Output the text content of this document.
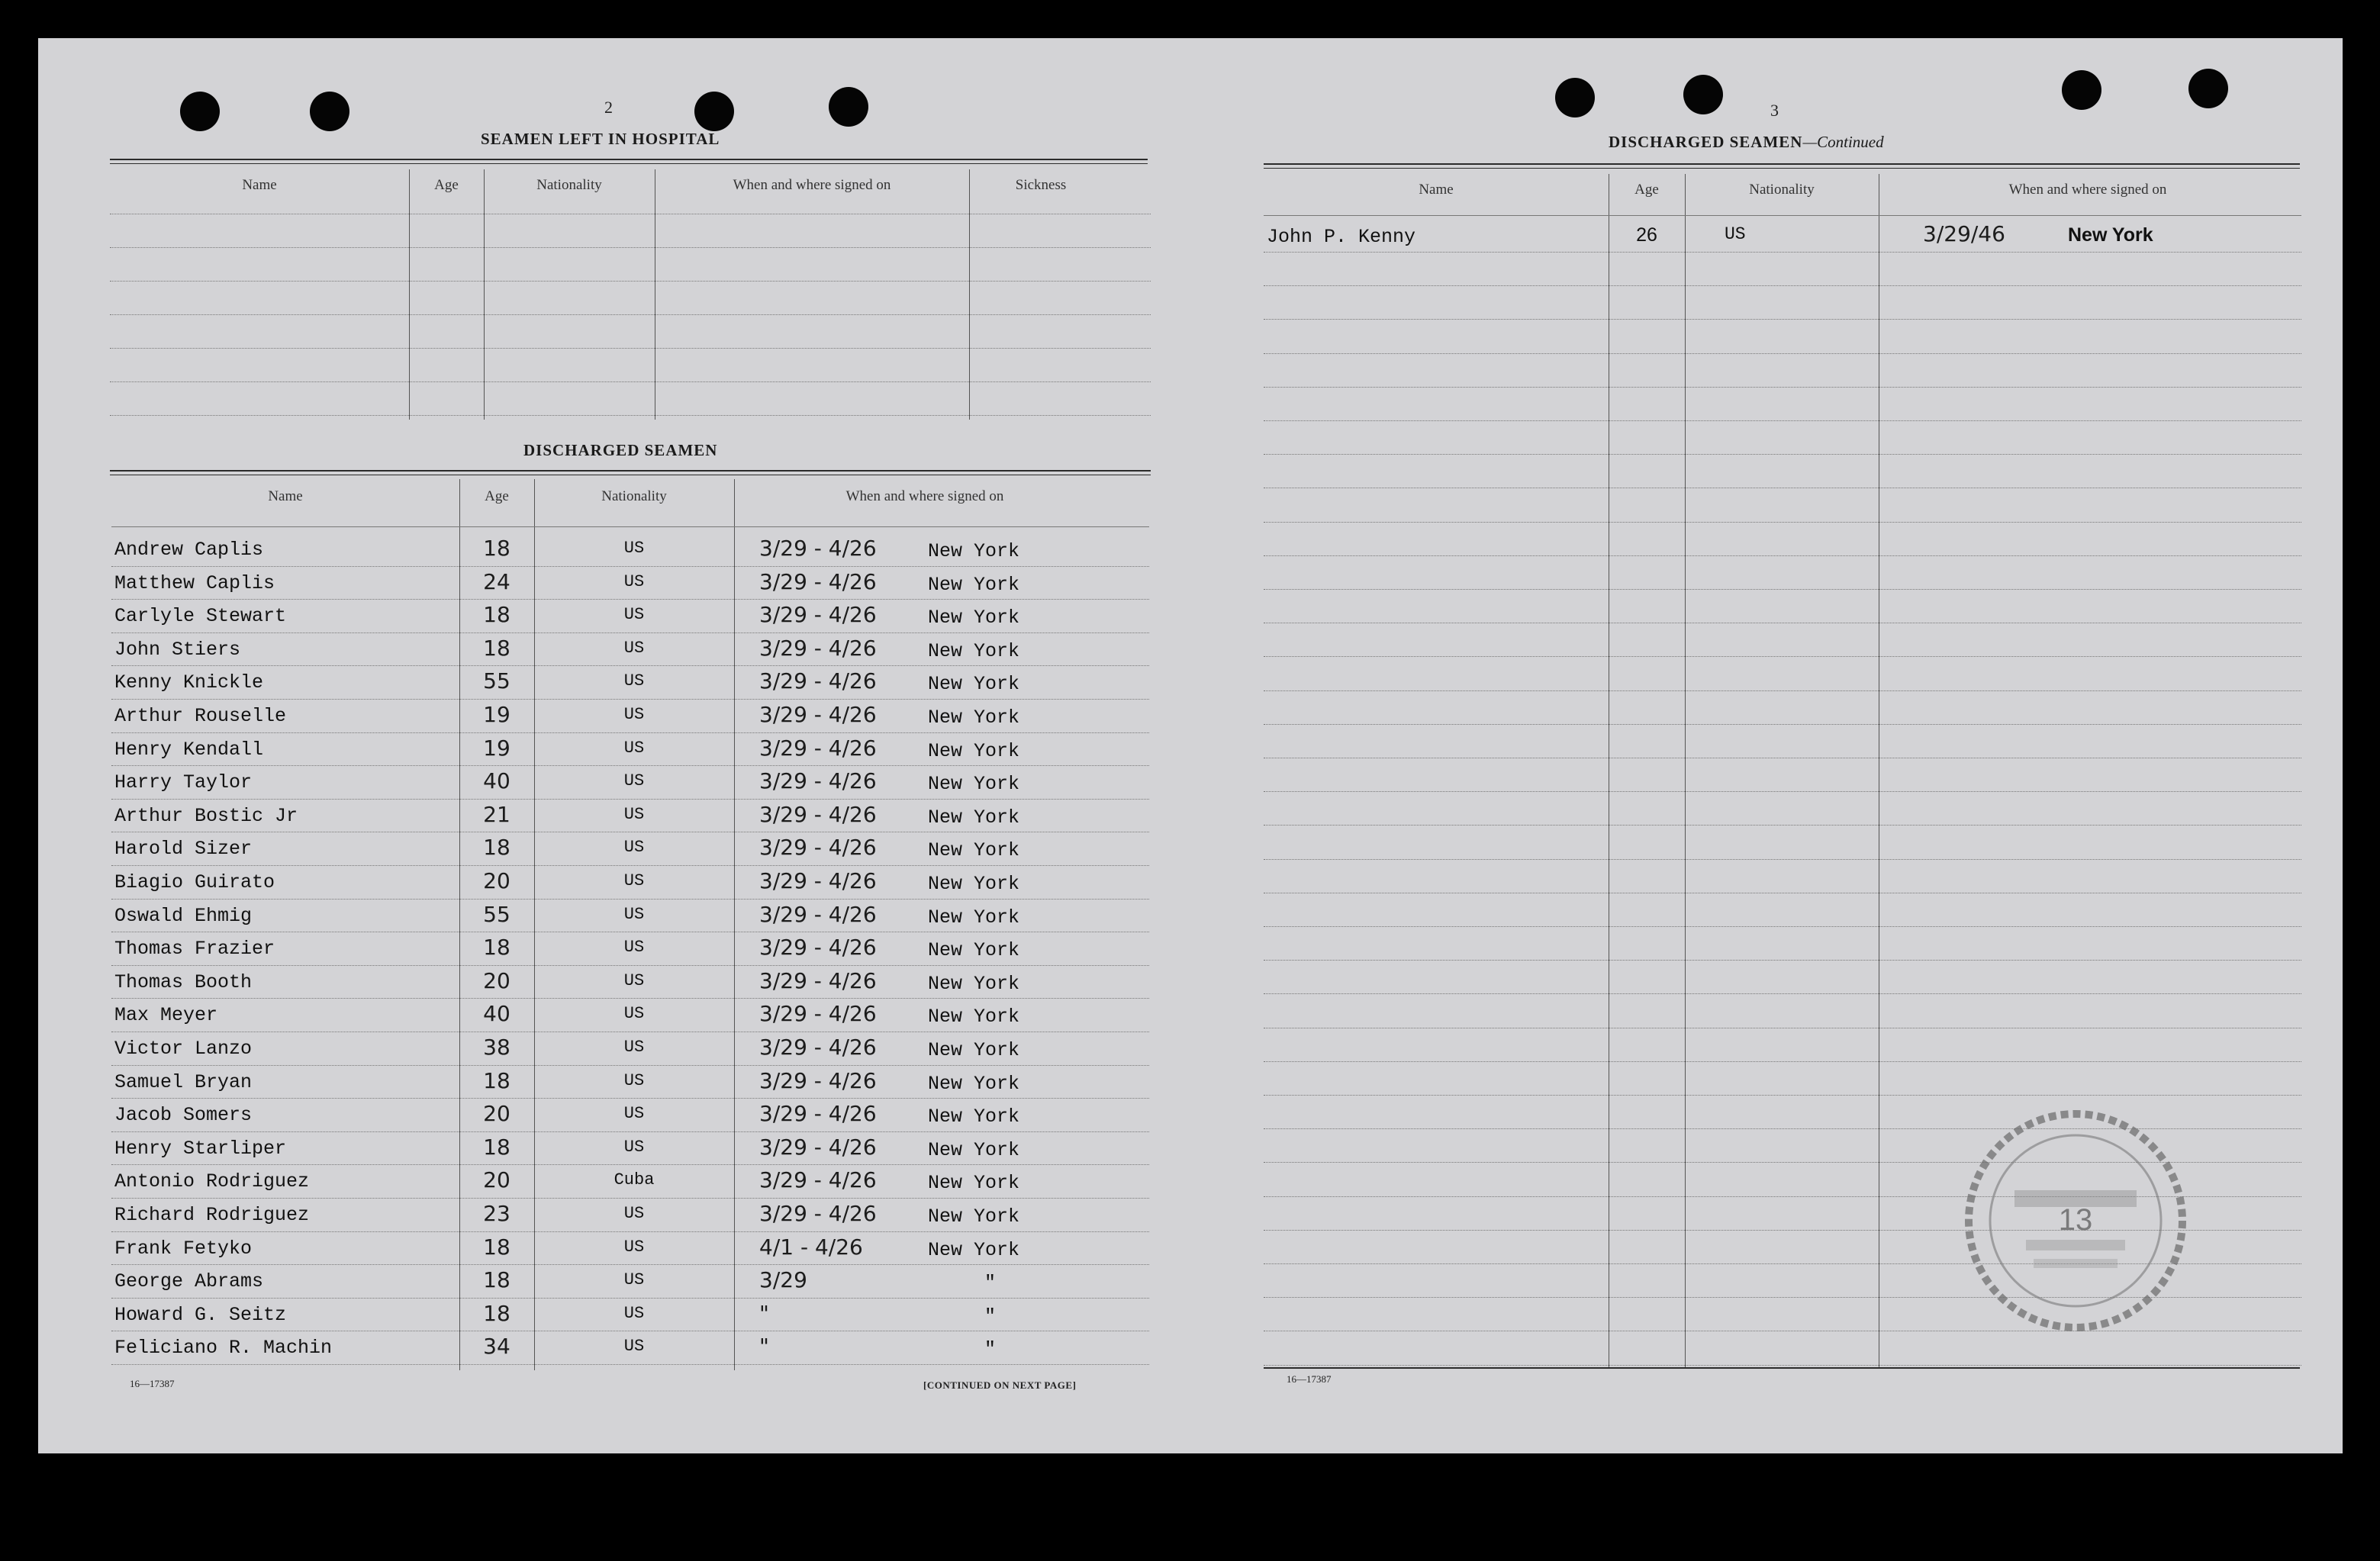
2
SEAMEN LEFT IN HOSPITAL
Name	Age	Nationality	When and where signed on	Sickness
DISCHARGED SEAMEN
Name	Age	Nationality	When and where signed on
Andrew Caplis	18	US	3/29 - 4/26	New York
Matthew Caplis	24	US	3/29 - 4/26	New York
Carlyle Stewart	18	US	3/29 - 4/26	New York
John Stiers	18	US	3/29 - 4/26	New York
Kenny Knickle	55	US	3/29 - 4/26	New York
Arthur Rouselle	19	US	3/29 - 4/26	New York
Henry Kendall	19	US	3/29 - 4/26	New York
Harry Taylor	40	US	3/29 - 4/26	New York
Arthur Bostic Jr	21	US	3/29 - 4/26	New York
Harold Sizer	18	US	3/29 - 4/26	New York
Biagio Guirato	20	US	3/29 - 4/26	New York
Oswald Ehmig	55	US	3/29 - 4/26	New York
Thomas Frazier	18	US	3/29 - 4/26	New York
Thomas Booth	20	US	3/29 - 4/26	New York
Max Meyer	40	US	3/29 - 4/26	New York
Victor Lanzo	38	US	3/29 - 4/26	New York
Samuel Bryan	18	US	3/29 - 4/26	New York
Jacob Somers	20	US	3/29 - 4/26	New York
Henry Starliper	18	US	3/29 - 4/26	New York
Antonio Rodriguez	20	Cuba	3/29 - 4/26	New York
Richard Rodriguez	23	US	3/29 - 4/26	New York
Frank Fetyko	18	US	4/1 - 4/26	New York
George Abrams	18	US	3/29	"
Howard G. Seitz	18	US	"	"
Feliciano R. Machin	34	US	"	"
16—17387	[CONTINUED ON NEXT PAGE]
3
DISCHARGED SEAMEN—Continued
Name	Age	Nationality	When and where signed on
John P. Kenny	26	US	3/29/46	New York
16—17387
13
